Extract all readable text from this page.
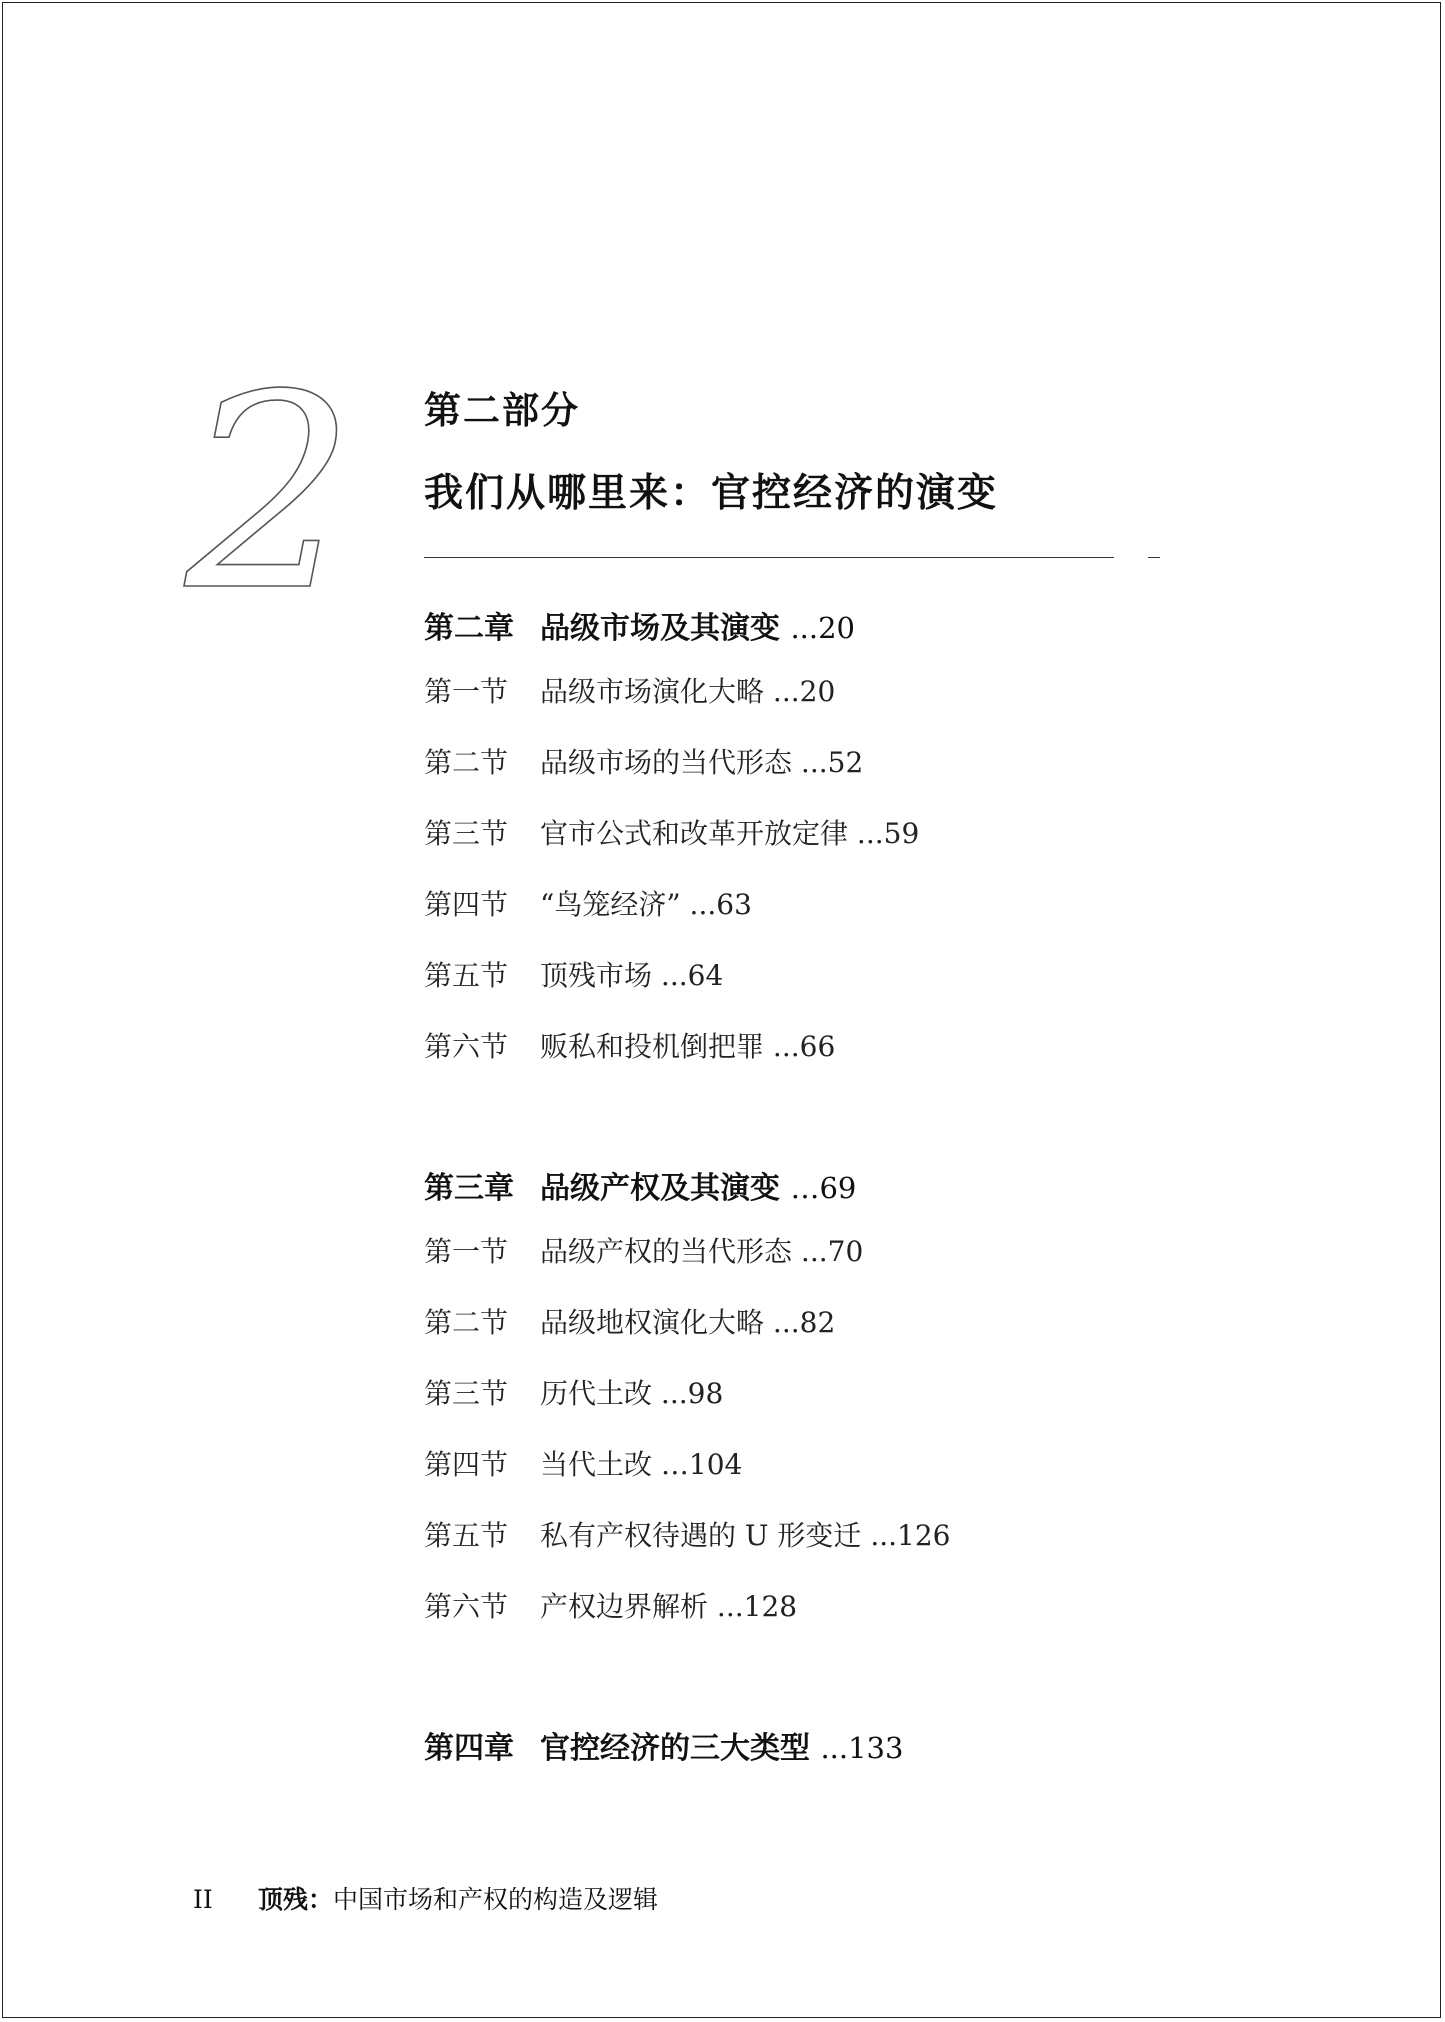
2 第二部分
我们从哪里来：官控经济的演变
第二章 品级市场及其演变 ...20
第一节 品级市场演化大略 ...20
第二节 品级市场的当代形态 ...52
第三节 官市公式和改革开放定律 ...59
第四节 “鸟笼经济” ...63
第五节 顶残市场 ...64
第六节 贩私和投机倒把罪 ...66
第三章 品级产权及其演变 …69
第一节 品级产权的当代形态 ...70
第二节 品级地权演化大略 ...82
第三节 历代土改 ...98
第四节 当代土改 …104
第五节 私有产权待遇的 U 形变迁 ...126
第六节 产权边界解析 ...128
第四章 官控经济的三大类型 ...133
II 顶残：中国市场和产权的构造及逻辑
